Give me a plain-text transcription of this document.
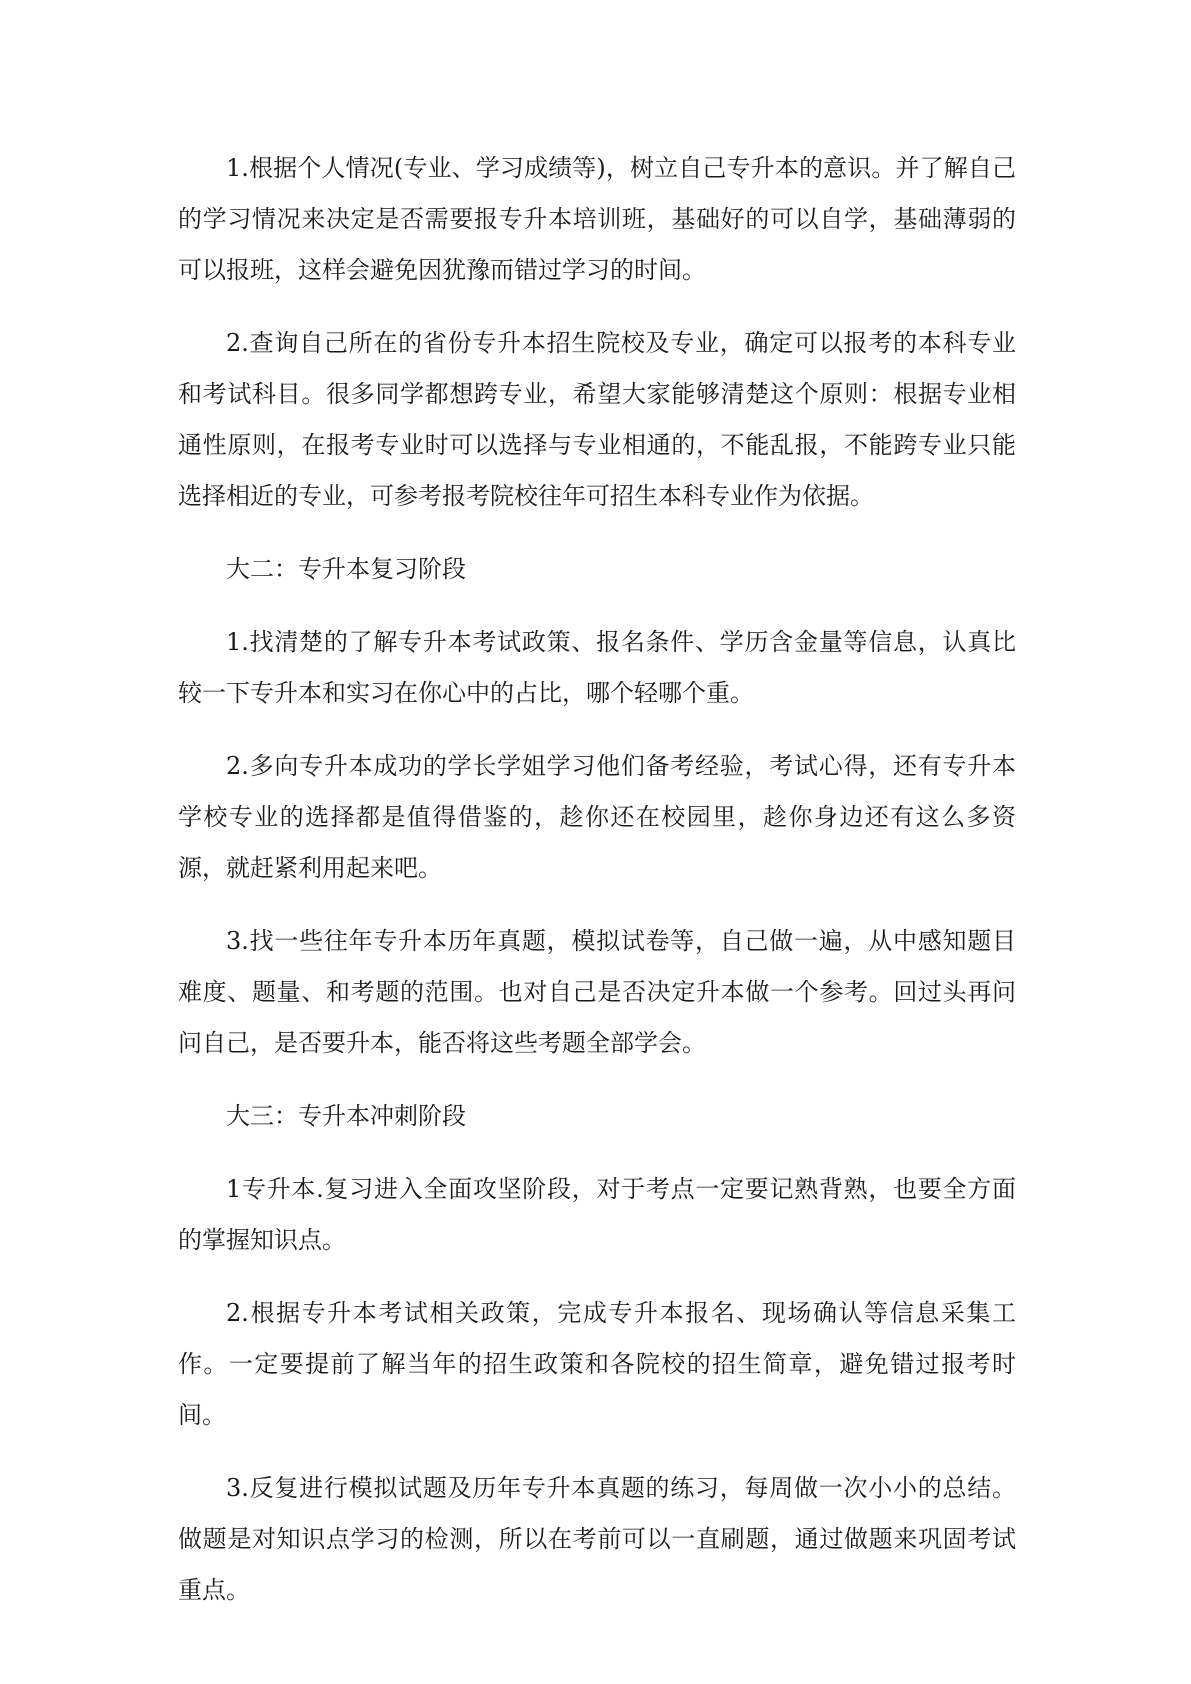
1.根据个人情况(专业、学习成绩等)，树立自己专升本的意识。并了解自己的学习情况来决定是否需要报专升本培训班，基础好的可以自学，基础薄弱的可以报班，这样会避免因犹豫而错过学习的时间。

2.查询自己所在的省份专升本招生院校及专业，确定可以报考的本科专业和考试科目。很多同学都想跨专业，希望大家能够清楚这个原则：根据专业相通性原则，在报考专业时可以选择与专业相通的，不能乱报，不能跨专业只能选择相近的专业，可参考报考院校往年可招生本科专业作为依据。

大二：专升本复习阶段

1.找清楚的了解专升本考试政策、报名条件、学历含金量等信息，认真比较一下专升本和实习在你心中的占比，哪个轻哪个重。

2.多向专升本成功的学长学姐学习他们备考经验，考试心得，还有专升本学校专业的选择都是值得借鉴的，趁你还在校园里，趁你身边还有这么多资源，就赶紧利用起来吧。

3.找一些往年专升本历年真题，模拟试卷等，自己做一遍，从中感知题目难度、题量、和考题的范围。也对自己是否决定升本做一个参考。回过头再问问自己，是否要升本，能否将这些考题全部学会。

大三：专升本冲刺阶段

1专升本.复习进入全面攻坚阶段，对于考点一定要记熟背熟，也要全方面的掌握知识点。

2.根据专升本考试相关政策，完成专升本报名、现场确认等信息采集工作。一定要提前了解当年的招生政策和各院校的招生简章，避免错过报考时间。

3.反复进行模拟试题及历年专升本真题的练习，每周做一次小小的总结。做题是对知识点学习的检测，所以在考前可以一直刷题，通过做题来巩固考试重点。
